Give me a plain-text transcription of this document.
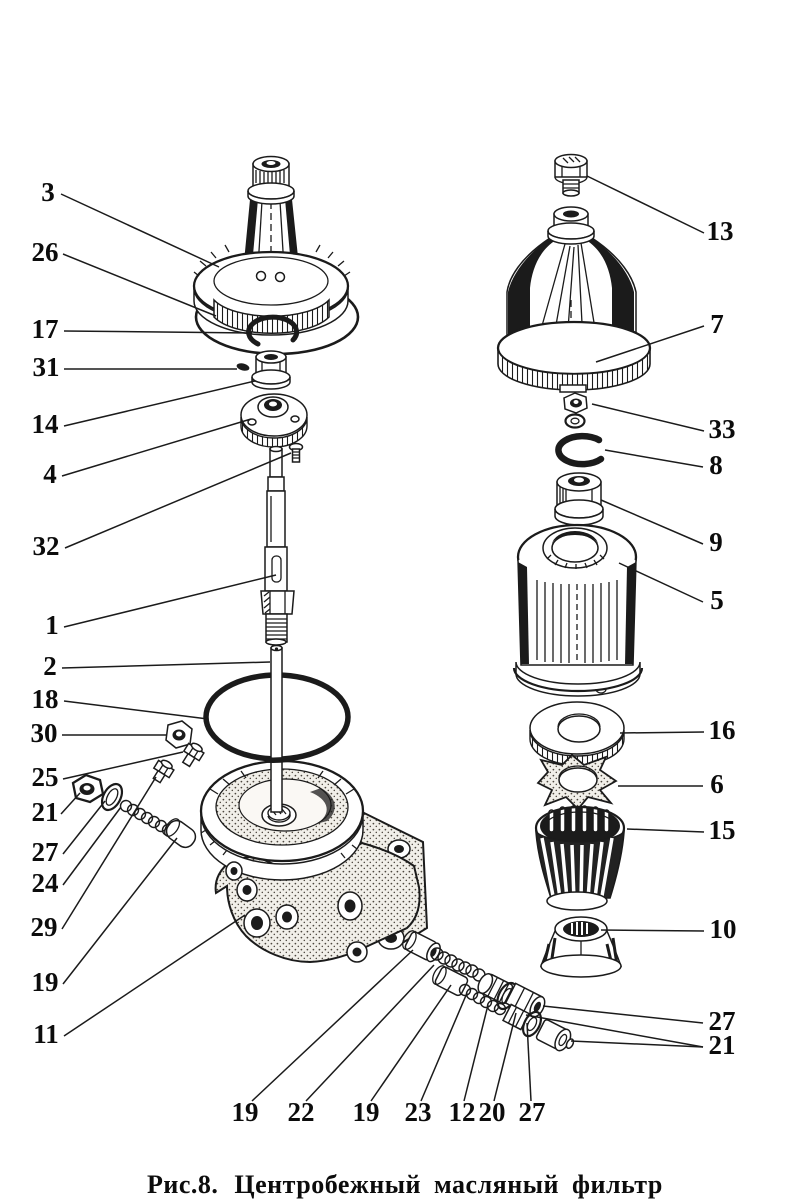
3
26
17
31
14
4
32
1
2
18
30
25
21
27
24
29
19
11
13
7
33
8
9
5
16
6
15
10
27
21
19 22 19 23 12 20 27
Рис.8. Центробежный масляный фильтр
